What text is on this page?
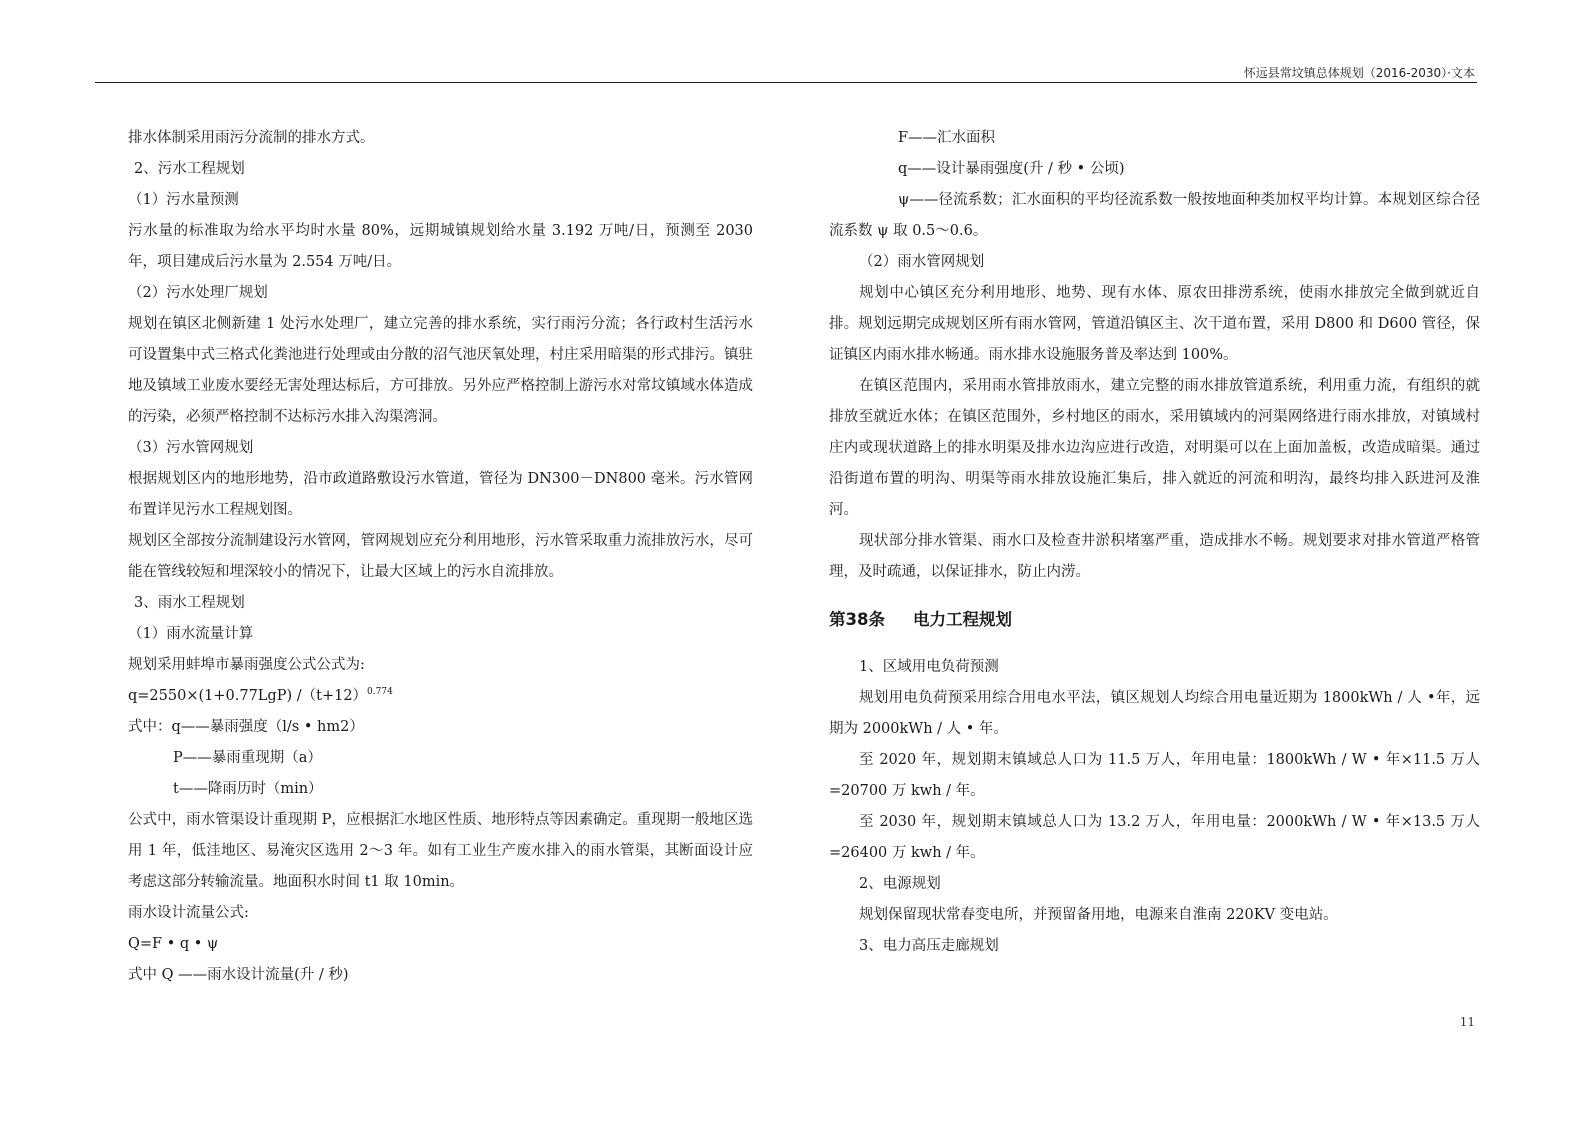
怀远县常坟镇总体规划（2016-2030）·文本

排水体制采用雨污分流制的排水方式。

2、污水工程规划

（1）污水量预测

污水量的标准取为给水平均时水量 80%，远期城镇规划给水量 3.192 万吨/日，预测至 2030 年，项目建成后污水量为 2.554 万吨/日。

（2）污水处理厂规划

规划在镇区北侧新建 1 处污水处理厂，建立完善的排水系统，实行雨污分流；各行政村生活污水可设置集中式三格式化粪池进行处理或由分散的沼气池厌氧处理，村庄采用暗渠的形式排污。镇驻地及镇域工业废水要经无害处理达标后，方可排放。另外应严格控制上游污水对常坟镇域水体造成的污染，必须严格控制不达标污水排入沟渠湾洞。

（3）污水管网规划

根据规划区内的地形地势，沿市政道路敷设污水管道，管径为 DN300－DN800 毫米。污水管网布置详见污水工程规划图。

规划区全部按分流制建设污水管网，管网规划应充分利用地形，污水管采取重力流排放污水，尽可能在管线较短和埋深较小的情况下，让最大区域上的污水自流排放。

3、雨水工程规划

（1）雨水流量计算

规划采用蚌埠市暴雨强度公式公式为:

q=2550×(1+0.77LgP) $/(t+12)^{0.774}$

式中：q——暴雨强度（l/s • hm2）

P——暴雨重现期（a）

t——降雨历时（min）

公式中，雨水管渠设计重现期 P，应根据汇水地区性质、地形特点等因素确定。重现期一般地区选用 1 年，低洼地区、易淹灾区选用 2～3 年。如有工业生产废水排入的雨水管渠，其断面设计应考虑这部分转输流量。地面积水时间 t1 取 10min。

雨水设计流量公式:

Q=F • q • ψ

式中 Q ——雨水设计流量(升 / 秒)

F——汇水面积

q——设计暴雨强度(升 / 秒 • 公顷)

ψ——径流系数；汇水面积的平均径流系数一般按地面种类加权平均计算。本规划区综合径流系数 ψ 取 0.5～0.6。

（2）雨水管网规划

规划中心镇区充分利用地形、地势、现有水体、原农田排涝系统，使雨水排放完全做到就近自排。规划远期完成规划区所有雨水管网，管道沿镇区主、次干道布置，采用 D800 和 D600 管径，保证镇区内雨水排水畅通。雨水排水设施服务普及率达到 100%。

在镇区范围内，采用雨水管排放雨水，建立完整的雨水排放管道系统，利用重力流，有组织的就排放至就近水体；在镇区范围外，乡村地区的雨水，采用镇域内的河渠网络进行雨水排放，对镇域村庄内或现状道路上的排水明渠及排水边沟应进行改造，对明渠可以在上面加盖板，改造成暗渠。通过沿街道布置的明沟、明渠等雨水排放设施汇集后，排入就近的河流和明沟，最终均排入跃进河及淮河。

现状部分排水管渠、雨水口及检查井淤积堵塞严重，造成排水不畅。规划要求对排水管道严格管理，及时疏通，以保证排水，防止内涝。

第38条 电力工程规划

1、区域用电负荷预测

规划用电负荷预采用综合用电水平法，镇区规划人均综合用电量近期为 1800kWh / 人 •年，远期为 2000kWh / 人 • 年。

至 2020 年，规划期末镇域总人口为 11.5 万人，年用电量：1800kWh / W • 年×11.5 万人 =20700 万 kwh / 年。

至 2030 年，规划期末镇域总人口为 13.2 万人，年用电量：2000kWh / W • 年×13.5 万人 =26400 万 kwh / 年。

2、电源规划

规划保留现状常春变电所，并预留备用地，电源来自淮南 220KV 变电站。

3、电力高压走廊规划

11
